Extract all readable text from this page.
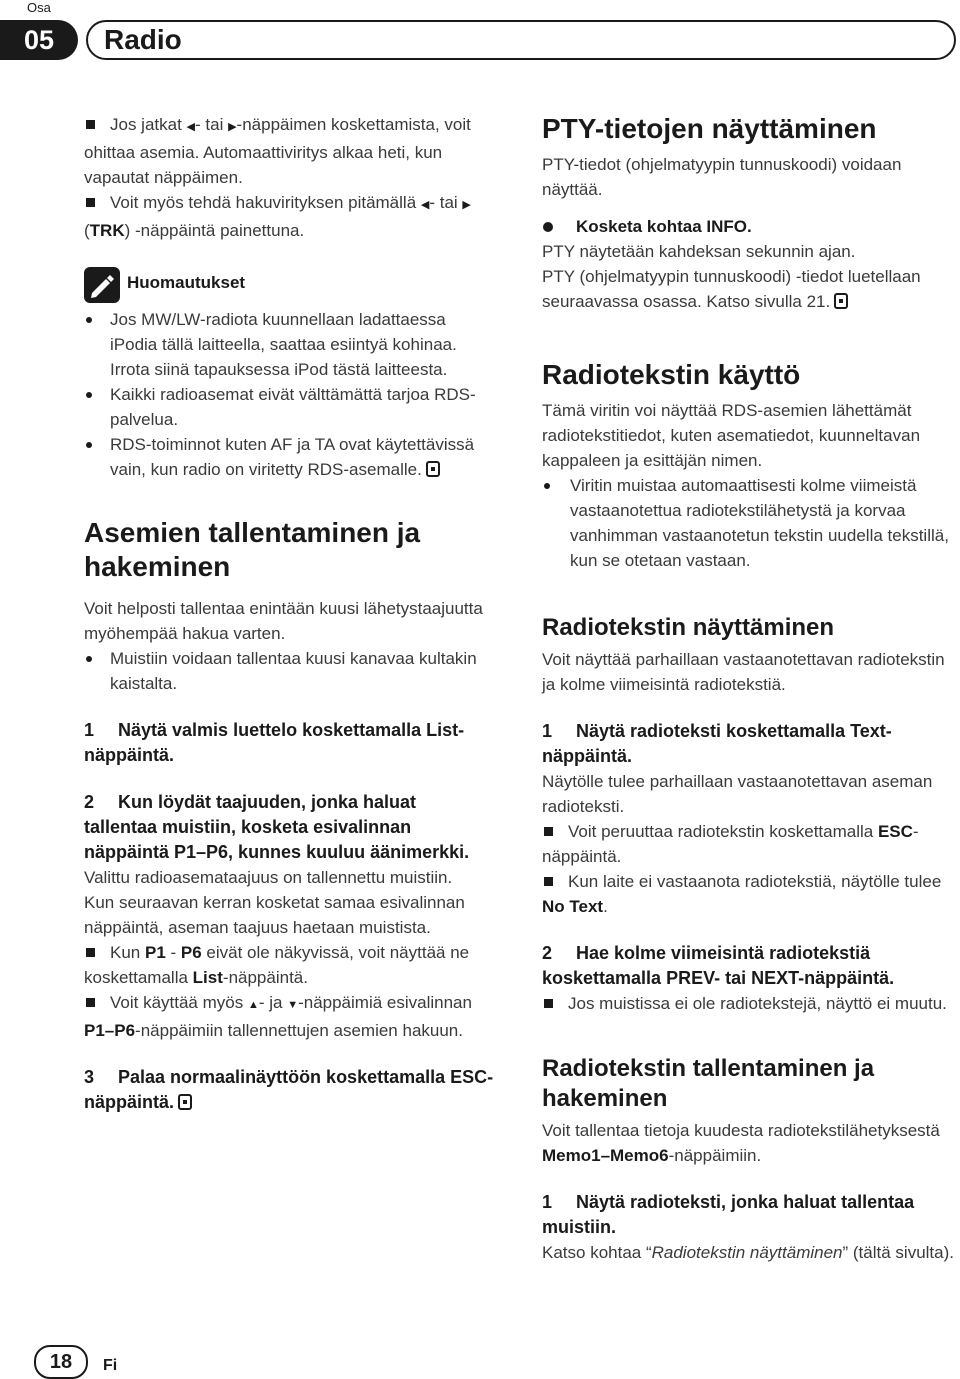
Osa
05	Radio
Jos jatkat ◀- tai ▶-näppäimen koskettamista, voit ohittaa asemia. Automaattiviritys alkaa heti, kun vapautat näppäimen.
Voit myös tehdä hakuvirityksen pitämällä ◀- tai ▶ (TRK) -näppäintä painettuna.
Huomautukset
Jos MW/LW-radiota kuunnellaan ladattaessa iPodia tällä laitteella, saattaa esiintyä kohinaa. Irrota siinä tapauksessa iPod tästä laitteesta.
Kaikki radioasemat eivät välttämättä tarjoa RDS-palvelua.
RDS-toiminnot kuten AF ja TA ovat käytettävissä vain, kun radio on viritetty RDS-asemalle.
Asemien tallentaminen ja hakeminen

Voit helposti tallentaa enintään kuusi lähetystaajuutta myöhempää hakua varten.

Muistiin voidaan tallentaa kuusi kanavaa kultakin kaistalta.

1 Näytä valmis luettelo koskettamalla List-näppäintä.

2 Kun löydät taajuuden, jonka haluat tallentaa muistiin, kosketa esivalinnan näppäintä P1–P6, kunnes kuuluu äänimerkki.

Valittu radioasemataajuus on tallennettu muistiin.

Kun seuraavan kerran kosketat samaa esivalinnan näppäintä, aseman taajuus haetaan muistista.

Kun P1 - P6 eivät ole näkyvissä, voit näyttää ne koskettamalla List-näppäintä.
Voit käyttää myös ▲- ja ▼-näppäimiä esivalinnan P1–P6-näppäimiin tallennettujen asemien hakuun.

3 Palaa normaalinäyttöön koskettamalla ESC-näppäintä.

PTY-tietojen näyttäminen

PTY-tiedot (ohjelmatyypin tunnuskoodi) voidaan näyttää.

Kosketa kohtaa INFO.

PTY näytetään kahdeksan sekunnin ajan.

PTY (ohjelmatyypin tunnuskoodi) -tiedot luetellaan seuraavassa osassa. Katso sivulla 21.

Radiotekstin käyttö

Tämä viritin voi näyttää RDS-asemien lähettämät radiotekstitiedot, kuten asematiedot, kuunneltavan kappaleen ja esittäjän nimen.

Viritin muistaa automaattisesti kolme viimeistä vastaanotettua radiotekstilähetystä ja korvaa vanhimman vastaanotetun tekstin uudella tekstillä, kun se otetaan vastaan.
Radiotekstin näyttäminen

Voit näyttää parhaillaan vastaanotettavan radiotekstin ja kolme viimeisintä radiotekstiä.

1 Näytä radioteksti koskettamalla Text-näppäintä.

Näytölle tulee parhaillaan vastaanotettavan aseman radioteksti.

Voit peruuttaa radiotekstin koskettamalla ESC-näppäintä.
Kun laite ei vastaanota radiotekstiä, näytölle tulee No Text.

2 Hae kolme viimeisintä radiotekstiä koskettamalla PREV- tai NEXT-näppäintä.

Jos muistissa ei ole radiotekstejä, näyttö ei muutu.
Radiotekstin tallentaminen ja hakeminen

Voit tallentaa tietoja kuudesta radiotekstilähetyksestä Memo1–Memo6-näppäimiin.

1 Näytä radioteksti, jonka haluat tallentaa muistiin.

Katso kohtaa “Radiotekstin näyttäminen” (tältä sivulta).

18	Fi
